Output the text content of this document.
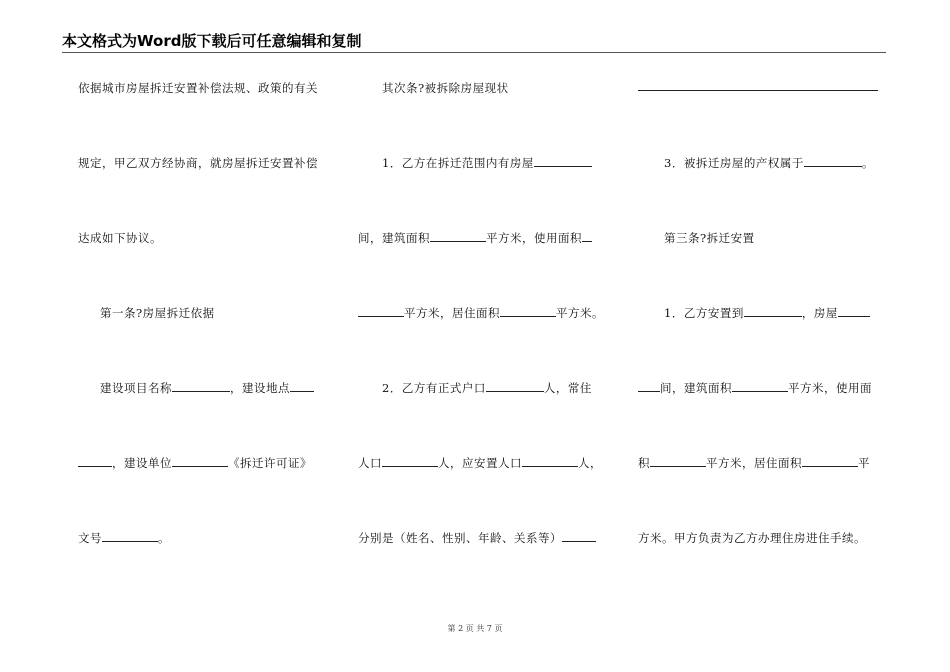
本文格式为Word版下载后可任意编辑和复制
依据城市房屋拆迁安置补偿法规、政策的有关
规定，甲乙双方经协商，就房屋拆迁安置补偿
达成如下协议。
第一条?房屋拆迁依据
建设项目名称	，建设地点
，建设单位	《拆迁许可证》
文号	。
其次条?被拆除房屋现状
1．乙方在拆迁范围内有房屋
间，建筑面积	平方米，使用面积
平方米，居住面积	平方米。
2．乙方有正式户口	人，常住
人口	人，应安置人口	人，
分别是（姓名、性别、年龄、关系等）
3．被拆迁房屋的产权属于	。
第三条?拆迁安置
1．乙方安置到	，房屋
间，建筑面积	平方米，使用面
积	平方米，居住面积	平
方米。甲方负责为乙方办理住房进住手续。
第 2 页 共 7 页
